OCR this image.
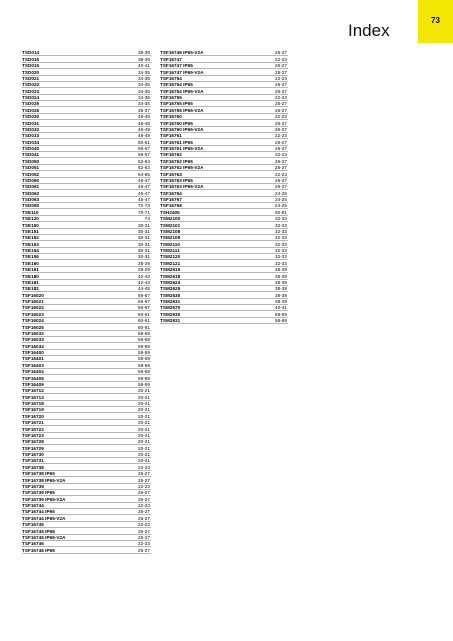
Index
73
TSD014	38-39
TSD015	38-39
TSD016	40-41
TSD020	34-35
TSD021	34-35
TSD022	34-35
TSD023	34-35
TSD024	34-35
TSD025	34-35
TSD026	36-37
TSD030	48-49
TSD031	48-49
TSD032	48-49
TSD033	48-49
TSD034	50-51
TSD040	56-57
TSD041	56-57
TSD050	62-63
TSD051	62-63
TSD052	64-65
TSD060	46-47
TSD061	46-47
TSD062	46-47
TSD063	46-47
TSD090	72-73
TSE110	70-71
TSE120	74
TSE150	30-31
TSE151	30-31
TSE152	30-31
TSE153	30-31
TSE154	30-31
TSE155	30-31
TSE160	28-29
TSE161	28-29
TSE180	42-43
TSE181	42-43
TSE182	44-45
TSF16020	66-67
TSF16021	66-67
TSF16022	66-67
TSF16023	60-61
TSF16024	60-61
TSF16025	60-61
TSF16032	58-59
TSF16033	58-59
TSF16034	58-59
TSF16400	58-59
TSF16401	58-59
TSF16403	58-59
TSF16404	58-59
TSF16406	58-59
TSF16409	58-59
TSF16712	20-21
TSF16713	20-21
TSF16718	20-21
TSF16719	20-21
TSF16720	20-21
TSF16721	20-21
TSF16722	20-21
TSF16723	20-21
TSF16728	20-21
TSF16729	20-21
TSF16730	20-21
TSF16731	20-21
TSF16738	22-23
TSF16738 IP65	26-27
TSF16738 IP65-V2A	26-27
TSF16739	22-23
TSF16739 IP65	26-27
TSF16739 IP65-V2A	26-27
TSF16744	22-23
TSF16744 IP65	26-27
TSF16744 IP65-V2A	26-27
TSF16745	22-23
TSF16745 IP65	26-27
TSF16745 IP65-V2A	26-27
TSF16746	22-23
TSF16746 IP65	26-27
TSF16746 IP65-V2A	26-27
TSF16747	22-23
TSF16747 IP65	26-27
TSF16747 IP65-V2A	26-27
TSF16754	22-23
TSF16754 IP65	26-27
TSF16754 IP65-V2A	26-27
TSF16755	22-23
TSF16755 IP65	26-27
TSF16755 IP65-V2A	26-27
TSF16760	22-23
TSF16760 IP65	26-27
TSF16760 IP65-V2A	26-27
TSF16761	22-23
TSF16761 IP65	26-27
TSF16761 IP65-V2A	26-27
TSF16762	22-23
TSF16762 IP65	26-27
TSF16762 IP65-V2A	26-27
TSF16763	22-23
TSF16763 IP65	26-27
TSF16763 IP65-V2A	26-27
TSF16764	24-25
TSF16767	24-25
TSF16768	24-25
TSH2405	60-61
TSM2100	32-33
TSM2101	32-33
TSM2108	32-33
TSM2109	32-33
TSM2110	32-33
TSM2111	32-33
TSM2120	32-33
TSM2121	32-33
TSM2615	38-39
TSM2618	38-39
TSM2624	38-39
TSM2625	38-39
TSM2630	38-39
TSM2631	38-39
TSM2670	40-41
TSM2930	68-69
TSM2931	68-69
